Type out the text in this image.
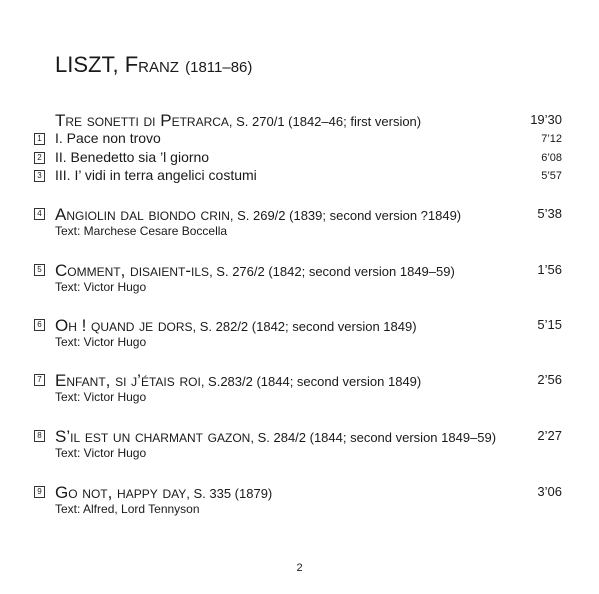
LISZT, Franz (1811–86)
Tre sonetti di Petrarca, S. 270/1 (1842–46; first version)	19’30
1 I. Pace non trovo	7’12
2 II. Benedetto sia ’l giorno	6’08
3 III. I’ vidi in terra angelici costumi	5’57
4 Angiolin dal biondo crin, S. 269/2 (1839; second version ?1849)	5’38
Text: Marchese Cesare Boccella
5 Comment, disaient-ils, S. 276/2 (1842; second version 1849–59)	1’56
Text: Victor Hugo
6 Oh ! quand je dors, S. 282/2 (1842; second version 1849)	5’15
Text: Victor Hugo
7 Enfant, si j’étais roi, S.283/2 (1844; second version 1849)	2’56
Text: Victor Hugo
8 S’il est un charmant gazon, S. 284/2 (1844; second version 1849–59)	2’27
Text: Victor Hugo
9 Go not, happy day, S. 335 (1879)	3’06
Text: Alfred, Lord Tennyson
2
